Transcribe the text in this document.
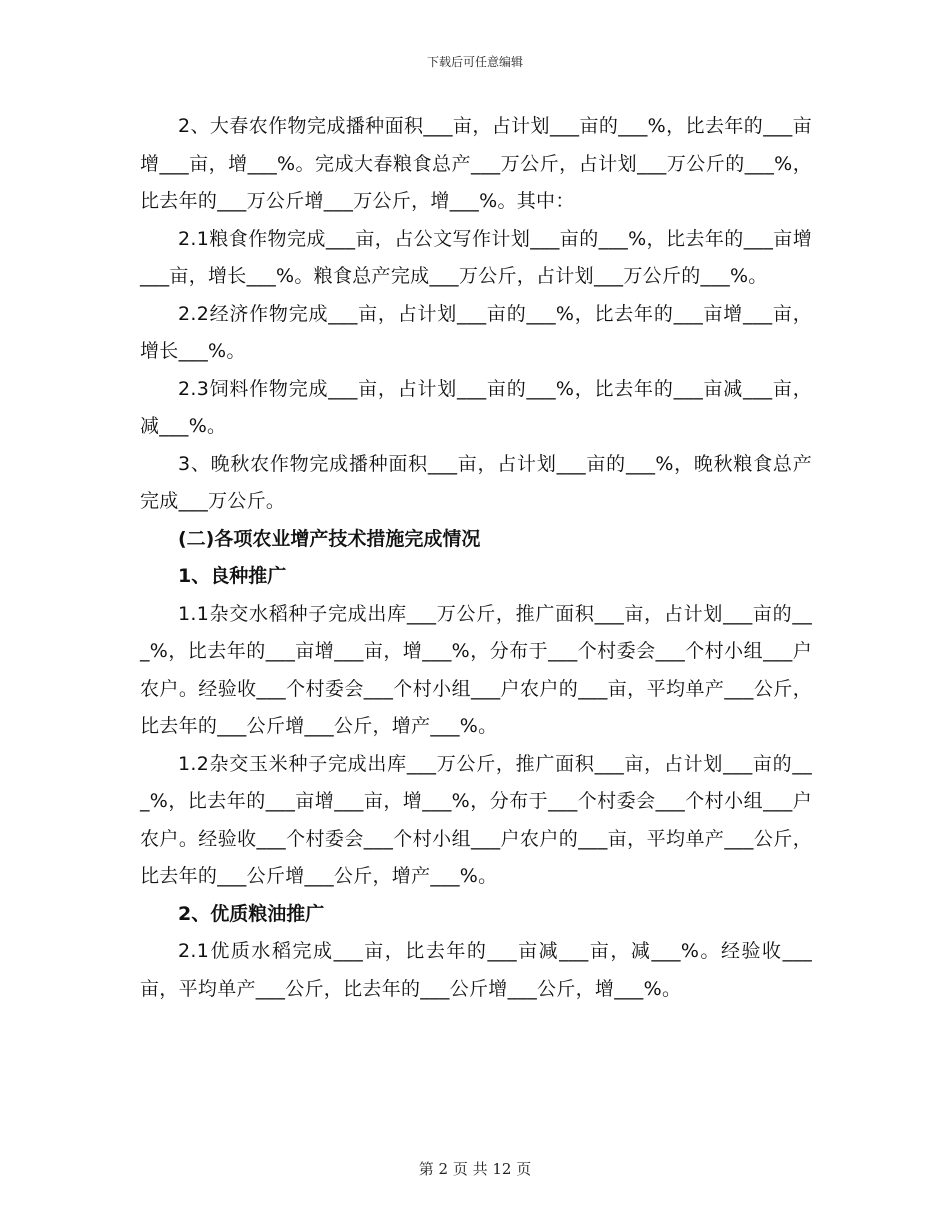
下载后可任意编辑

2、大春农作物完成播种面积___亩，占计划___亩的___%，比去年的___亩增___亩，增___%。完成大春粮食总产___万公斤，占计划___万公斤的___%，比去年的___万公斤增___万公斤，增___%。其中：

2.1粮食作物完成___亩，占公文写作计划___亩的___%，比去年的___亩增___亩，增长___%。粮食总产完成___万公斤，占计划___万公斤的___%。

2.2经济作物完成___亩，占计划___亩的___%，比去年的___亩增___亩，增长___%。

2.3饲料作物完成___亩，占计划___亩的___%，比去年的___亩减___亩，减___%。

3、晚秋农作物完成播种面积___亩，占计划___亩的___%，晚秋粮食总产完成___万公斤。

(二)各项农业增产技术措施完成情况

1、良种推广

1.1杂交水稻种子完成出库___万公斤，推广面积___亩，占计划___亩的___%，比去年的___亩增___亩，增___%，分布于___个村委会___个村小组___户农户。经验收___个村委会___个村小组___户农户的___亩，平均单产___公斤，比去年的___公斤增___公斤，增产___%。

1.2杂交玉米种子完成出库___万公斤，推广面积___亩，占计划___亩的___%，比去年的___亩增___亩，增___%，分布于___个村委会___个村小组___户农户。经验收___个村委会___个村小组___户农户的___亩，平均单产___公斤，比去年的___公斤增___公斤，增产___%。

2、优质粮油推广

2.1优质水稻完成___亩，比去年的___亩减___亩，减___%。经验收___亩，平均单产___公斤，比去年的___公斤增___公斤，增___%。

第 2 页 共 12 页
